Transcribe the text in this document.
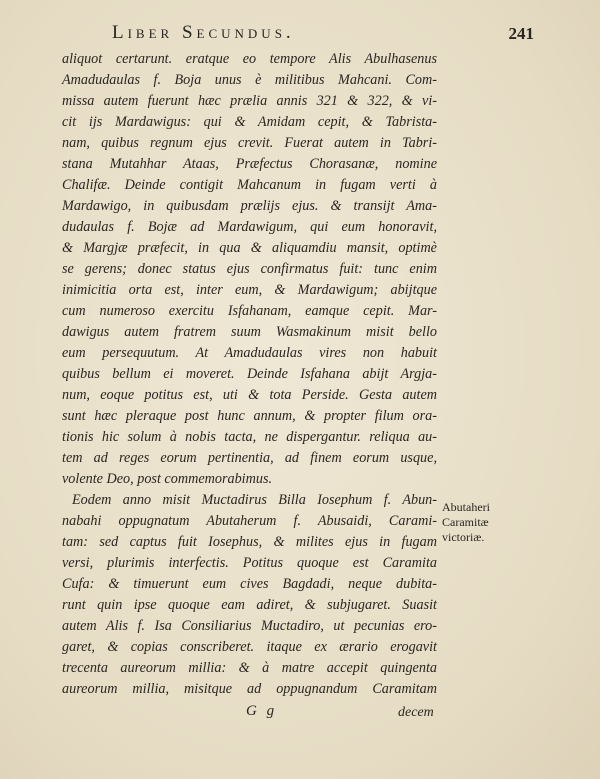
Liber Secundus.	241
aliquot certarunt. eratque eo tempore Alis Abulhasenus
Amadudaulas f. Boja unus è militibus Mahcani. Com-
missa autem fuerunt hæc prælia annis 321 & 322, & vi-
cit ijs Mardawigus: qui & Amidam cepit, & Tabrista-
nam, quibus regnum ejus crevit. Fuerat autem in Tabri-
stana Mutahhar Ataas, Præfectus Chorasanæ, nomine
Chalifæ. Deinde contigit Mahcanum in fugam verti à
Mardawigo, in quibusdam prælijs ejus. & transijt Ama-
dudaulas f. Bojæ ad Mardawigum, qui eum honoravit,
& Margjæ præfecit, in qua & aliquamdiu mansit, optimè
se gerens; donec status ejus confirmatus fuit: tunc enim
inimicitia orta est, inter eum, & Mardawigum; abijtque
cum numeroso exercitu Isfahanam, eamque cepit. Mar-
dawigus autem fratrem suum Wasmakinum misit bello
eum persequutum. At Amadudaulas vires non habuit
quibus bellum ei moveret. Deinde Isfahana abijt Argja-
num, eoque potitus est, uti & tota Perside. Gesta autem
sunt hæc pleraque post hunc annum, & propter filum ora-
tionis hic solum à nobis tacta, ne dispergantur. reliqua au-
tem ad reges eorum pertinentia, ad finem eorum usque,
volente Deo, post commemorabimus.
Eodem anno misit Muctadirus Billa Iosephum f. Abun-
nabahi oppugnatum Abutaherum f. Abusaidi, Carami-
tam: sed captus fuit Iosephus, & milites ejus in fugam
versi, plurimis interfectis. Potitus quoque est Caramita
Cufa: & timuerunt eum cives Bagdadi, neque dubita-
runt quin ipse quoque eam adiret, & subjugaret. Suasit
autem Alis f. Isa Consiliarius Muctadiro, ut pecunias ero-
garet, & copias conscriberet. itaque ex ærario erogavit
trecenta aureorum millia: & à matre accepit quingenta
aureorum millia, misitque ad oppugnandum Caramitam
Abutaheri
Caramitæ
victoriæ.
G g	decem
